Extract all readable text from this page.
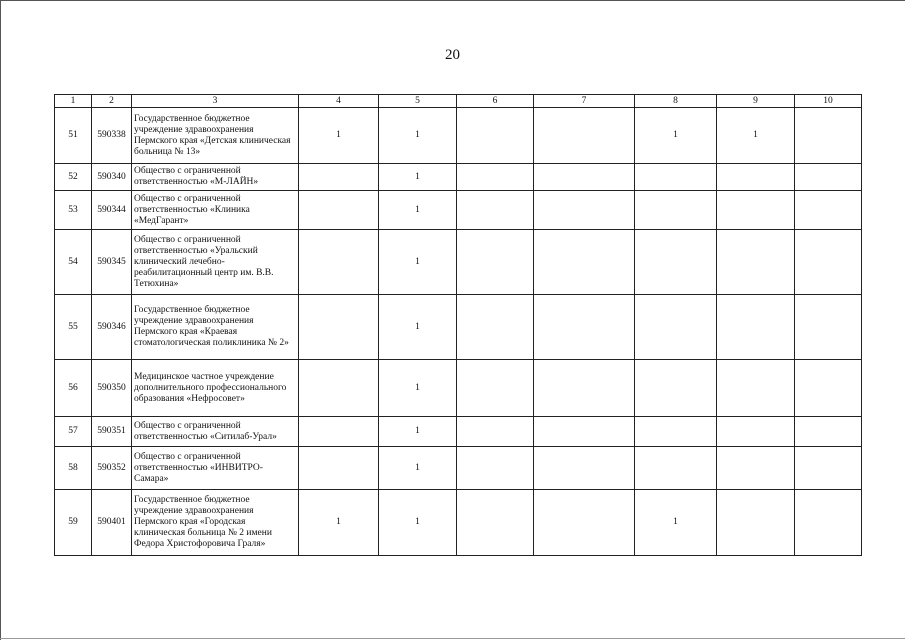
20
1	2	3	4	5	6	7	8	9	10
51	590338	Государственное бюджетное учреждение здравоохранения Пермского края «Детская клиническая больница № 13»	1	1			1	1	
52	590340	Общество с ограниченной ответственностью «М-ЛАЙН»		1					
53	590344	Общество с ограниченной ответственностью «Клиника «МедГарант»		1					
54	590345	Общество с ограниченной ответственностью «Уральский клинический лечебно-реабилитационный центр им. В.В. Тетюхина»		1					
55	590346	Государственное бюджетное учреждение здравоохранения Пермского края «Краевая стоматологическая поликлиника № 2»		1					
56	590350	Медицинское частное учреждение дополнительного профессионального образования «Нефросовет»		1					
57	590351	Общество с ограниченной ответственностью «Ситилаб-Урал»		1					
58	590352	Общество с ограниченной ответственностью «ИНВИТРО-Самара»		1					
59	590401	Государственное бюджетное учреждение здравоохранения Пермского края «Городская клиническая больница № 2 имени Федора Христофоровича Граля»	1	1			1		
